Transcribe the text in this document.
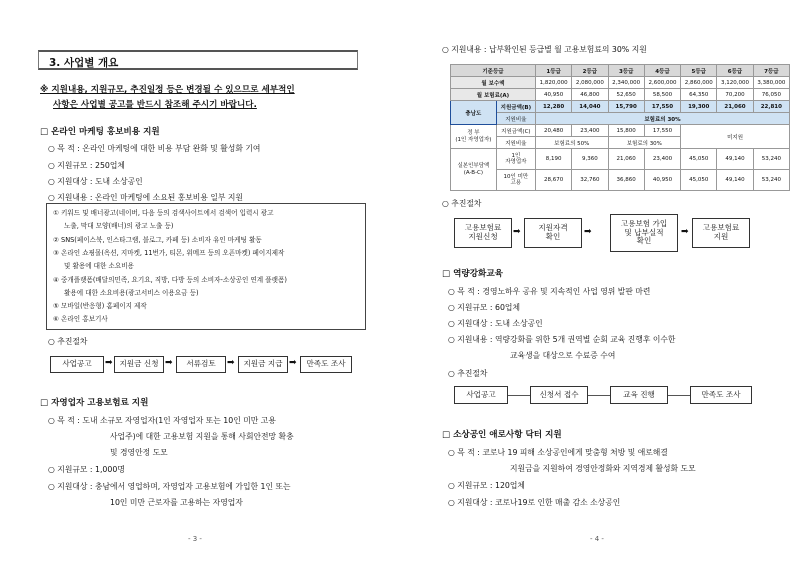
3. 사업별 개요
※ 지원내용, 지원규모, 추진일정 등은 변경될 수 있으므로 세부적인
사항은 사업별 공고를 반드시 참조해 주시기 바랍니다.
□ 온라인 마케팅 홍보비용 지원
○ 목 적 : 온라인 마케팅에 대한 비용 부담 완화 및 활성화 기여
○ 지원규모 : 250업체
○ 지원대상 : 도내 소상공인
○ 지원내용 : 온라인 마케팅에 소요된 홍보비용 일부 지원
① 키워드 및 배너광고(네이버, 다음 등의 검색사이트에서 검색어 입력시 광고
노출, 막대 모양(배너)의 광고 노출 등)
② SNS(페이스북, 인스타그램, 블로그, 카페 등) 소비자 유인 마케팅 활동
③ 온라인 쇼핑몰(옥션, 지마켓, 11번가, 티몬, 위메프 등의 오픈마켓) 페이지제작
및 활용에 대한 소요비용
④ 중개플랫폼(배달의민족, 요기요, 직방, 다방 등의 소비자-소상공인 연계 플랫폼)
활용에 대한 소요비용(광고서비스 이용요금 등)
⑤ 모바일(반응형) 홈페이지 제작
⑥ 온라인 홍보기사
○ 추진절차
사업공고	➡ 지원금 신청 ➡	서류검토	➡	지원금 지급 ➡	만족도 조사
□ 자영업자 고용보험료 지원
○ 목 적 : 도내 소규모 자영업자(1인 자영업자 또는 10인 미만 고용
사업주)에 대한 고용보험 지원을 통해 사회안전망 확충
및 경영안정 도모
○ 지원규모 : 1,000명
○ 지원대상 : 충남에서 영업하며, 자영업자 고용보험에 가입한 1인 또는
10인 미만 근로자를 고용하는 자영업자
- 3 -
○ 지원내용 : 납부확인된 등급별 월 고용보험료의 30% 지원
기준등급		1등급	2등급	3등급	4등급	5등급	6등급	7등급
월 보수액		1,820,000	2,080,000	2,340,000	2,600,000	2,860,000	3,120,000	3,380,000
월 보험료(A)		40,950	46,800	52,650	58,500	64,350	70,200	76,050
충남도	지원금액(B)	12,280	14,040	15,790	17,550	19,300	21,060	22,810
	지원비율	보험료의 30%						
정 부
(1인 자영업자)	지원금액(C)	20,480	23,400	15,800	17,550	미지원		
	지원비율	보험료의 50%		보험료의 30%				
실본인부담액
(A-B-C)	1인
자영업자	8,190	9,360	21,060	23,400	45,050	49,140	53,240
	10인 미만
고용	28,670	32,760	36,860	40,950	45,050	49,140	53,240
○ 추진절차
고용보험료
지원신청	➡	지원자격
확인	➡
고용보험 가입
및 납부실적
확인
➡	고용보험료
지원
□ 역량강화교육
○ 목 적 : 경영노하우 공유 및 지속적인 사업 영위 발판 마련
○ 지원규모 : 60업체
○ 지원대상 : 도내 소상공인
○ 지원내용 : 역량강화를 위한 5개 권역별 순회 교육 진행후 이수한
교육생을 대상으로 수료증 수여
○ 추진절차
사업공고	신청서 접수	교육 진행	만족도 조사
□ 소상공인 애로사항 닥터 지원
○ 목 적 : 코로나 19 피해 소상공인에게 맞춤형 처방 및 애로해결
지원금을 지원하여 경영안정화와 지역경제 활성화 도모
○ 지원규모 : 120업체
○ 지원대상 : 코로나19로 인한 매출 감소 소상공인
- 4 -
